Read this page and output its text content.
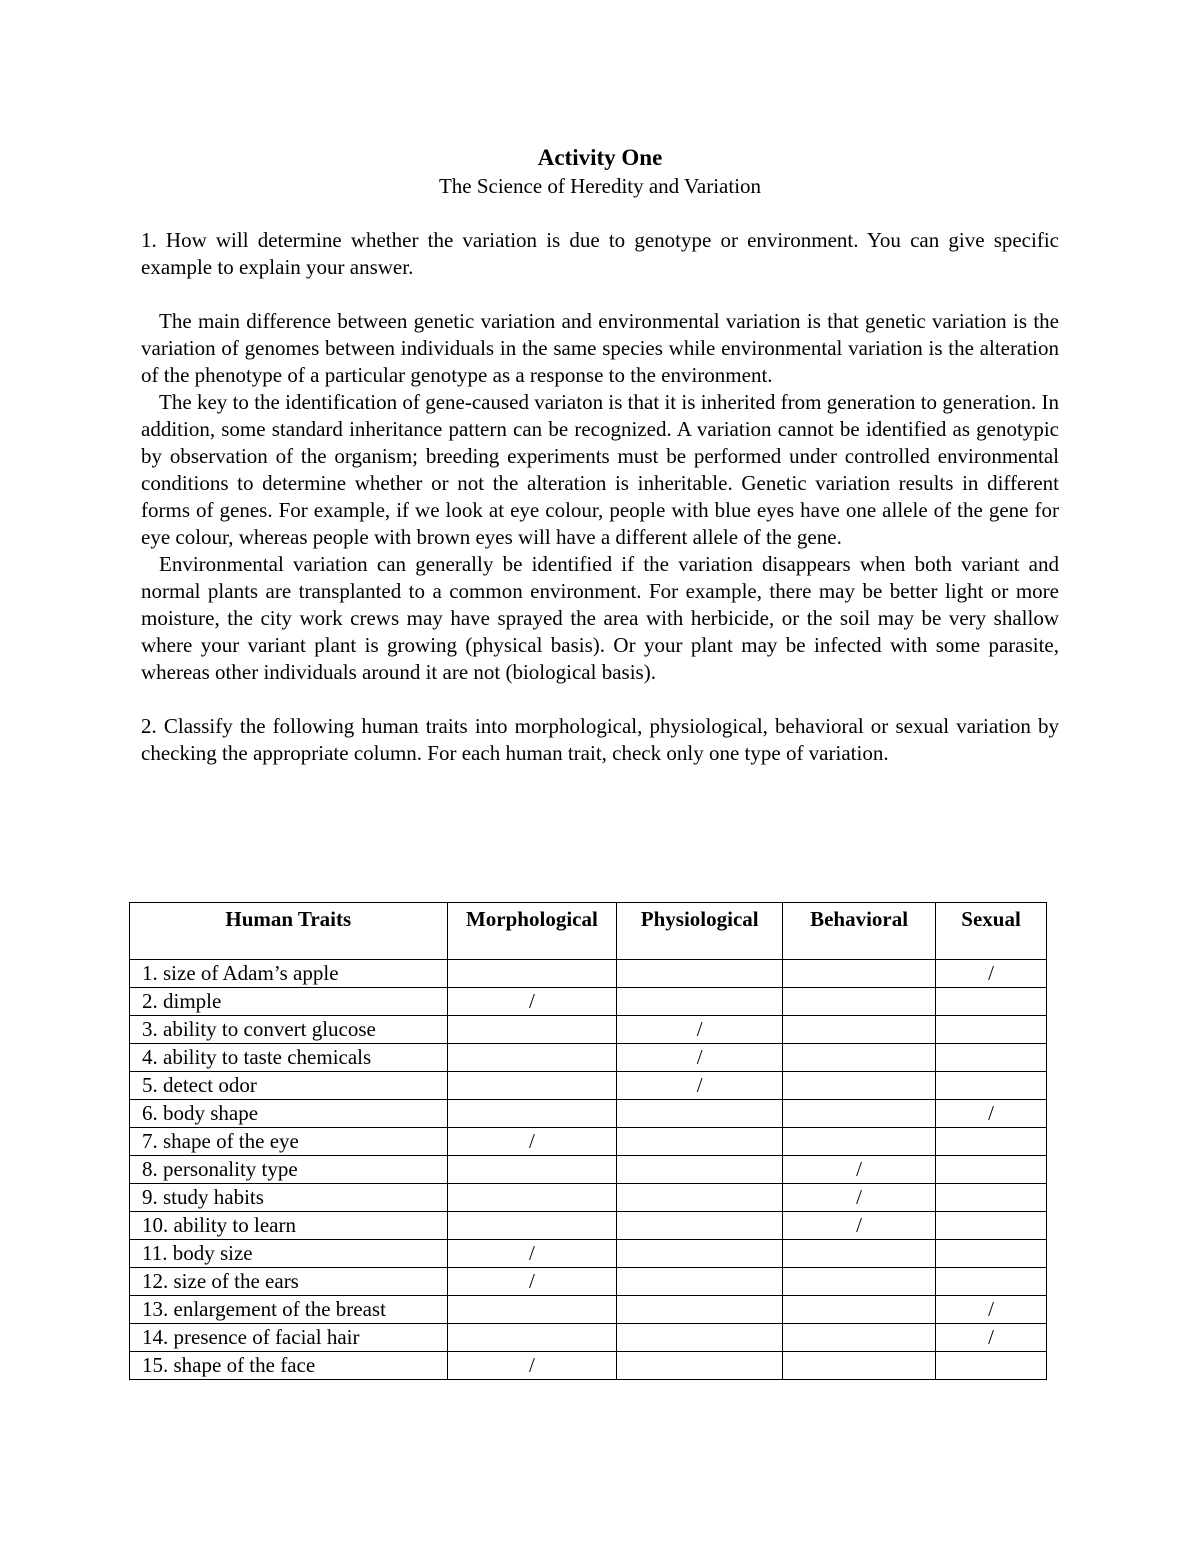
Activity One
The Science of Heredity and Variation

1. How will determine whether the variation is due to genotype or environment. You can give specific example to explain your answer.

The main difference between genetic variation and environmental variation is that genetic variation is the variation of genomes between individuals in the same species while environmental variation is the alteration of the phenotype of a particular genotype as a response to the environment.

The key to the identification of gene-caused variaton is that it is inherited from generation to generation. In addition, some standard inheritance pattern can be recognized. A variation cannot be identified as genotypic by observation of the organism; breeding experiments must be performed under controlled environmental conditions to determine whether or not the alteration is inheritable. Genetic variation results in different forms of genes. For example, if we look at eye colour, people with blue eyes have one allele of the gene for eye colour, whereas people with brown eyes will have a different allele of the gene.

Environmental variation can generally be identified if the variation disappears when both variant and normal plants are transplanted to a common environment. For example, there may be better light or more moisture, the city work crews may have sprayed the area with herbicide, or the soil may be very shallow where your variant plant is growing (physical basis). Or your plant may be infected with some parasite, whereas other individuals around it are not (biological basis).

2. Classify the following human traits into morphological, physiological, behavioral or sexual variation by checking the appropriate column. For each human trait, check only one type of variation.

Human Traits	Morphological	Physiological	Behavioral	Sexual
1. size of Adam’s apple				/
2. dimple	/			
3. ability to convert glucose		/		
4. ability to taste chemicals		/		
5. detect odor		/		
6. body shape				/
7. shape of the eye	/			
8. personality type			/	
9. study habits			/	
10. ability to learn			/	
11. body size	/			
12. size of the ears	/			
13. enlargement of the breast				/
14. presence of facial hair				/
15. shape of the face	/			
